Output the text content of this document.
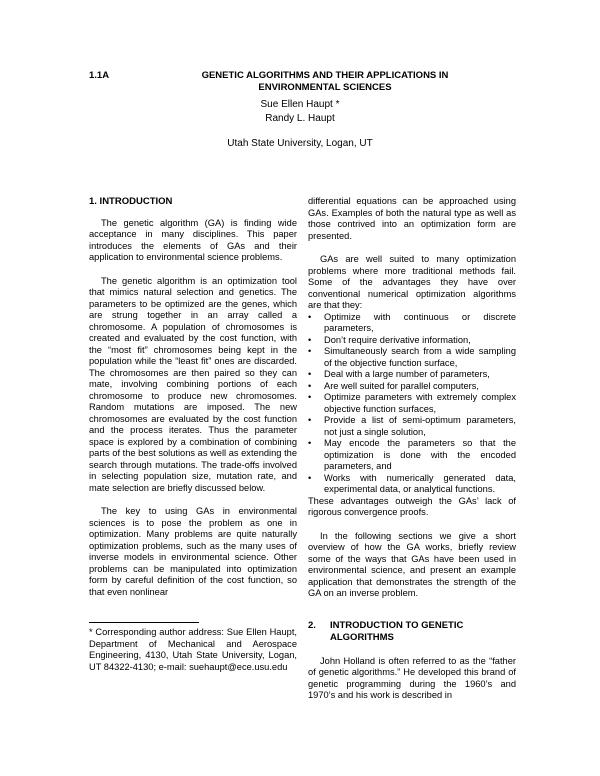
1.1A	GENETIC ALGORITHMS AND THEIR APPLICATIONS IN
ENVIRONMENTAL SCIENCES
Sue Ellen Haupt *
Randy L. Haupt
Utah State University, Logan, UT
1. INTRODUCTION

The genetic algorithm (GA) is finding wide acceptance in many disciplines. This paper introduces the elements of GAs and their application to environmental science problems.

The genetic algorithm is an optimization tool that mimics natural selection and genetics. The parameters to be optimized are the genes, which are strung together in an array called a chromosome. A population of chromosomes is created and evaluated by the cost function, with the “most fit” chromosomes being kept in the population while the “least fit” ones are discarded. The chromosomes are then paired so they can mate, involving combining portions of each chromosome to produce new chromosomes. Random mutations are imposed. The new chromosomes are evaluated by the cost function and the process iterates. Thus the parameter space is explored by a combination of combining parts of the best solutions as well as extending the search through mutations. The trade-offs involved in selecting population size, mutation rate, and mate selection are briefly discussed below.

The key to using GAs in environmental sciences is to pose the problem as one in optimization. Many problems are quite naturally optimization problems, such as the many uses of inverse models in environmental science. Other problems can be manipulated into optimization form by careful definition of the cost function, so that even nonlinear

* Corresponding author address: Sue Ellen Haupt, Department of Mechanical and Aerospace Engineering, 4130, Utah State University, Logan, UT 84322-4130; e-mail: suehaupt@ece.usu.edu

differential equations can be approached using GAs. Examples of both the natural type as well as those contrived into an optimization form are presented.

GAs are well suited to many optimization problems where more traditional methods fail. Some of the advantages they have over conventional numerical optimization algorithms are that they:

• Optimize with continuous or discrete parameters,
• Don’t require derivative information,
• Simultaneously search from a wide sampling of the objective function surface,
• Deal with a large number of parameters,
• Are well suited for parallel computers,
• Optimize parameters with extremely complex objective function surfaces,
• Provide a list of semi-optimum parameters, not just a single solution,
• May encode the parameters so that the optimization is done with the encoded parameters, and
• Works with numerically generated data, experimental data, or analytical functions.

These advantages outweigh the GAs’ lack of rigorous convergence proofs.

In the following sections we give a short overview of how the GA works, briefly review some of the ways that GAs have been used in environmental science, and present an example application that demonstrates the strength of the GA on an inverse problem.

2. INTRODUCTION TO GENETIC
ALGORITHMS

John Holland is often referred to as the “father of genetic algorithms.” He developed this brand of genetic programming during the 1960’s and 1970’s and his work is described in
